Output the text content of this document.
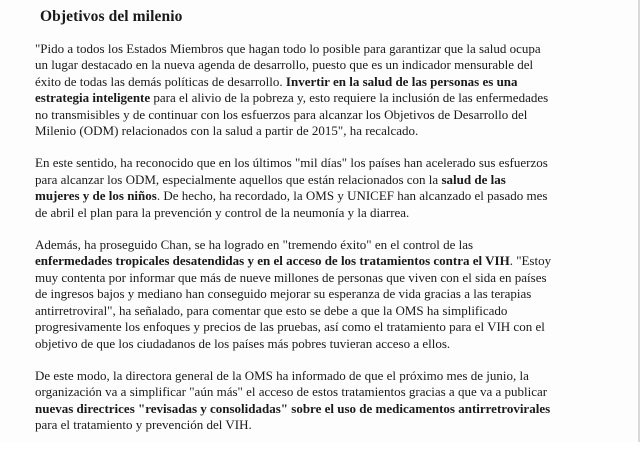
Objetivos del milenio
"Pido a todos los Estados Miembros que hagan todo lo posible para garantizar que la salud ocupa
un lugar destacado en la nueva agenda de desarrollo, puesto que es un indicador mensurable del
éxito de todas las demás políticas de desarrollo. Invertir en la salud de las personas es una
estrategia inteligente para el alivio de la pobreza y, esto requiere la inclusión de las enfermedades
no transmisibles y de continuar con los esfuerzos para alcanzar los Objetivos de Desarrollo del
Milenio (ODM) relacionados con la salud a partir de 2015", ha recalcado.
En este sentido, ha reconocido que en los últimos "mil días" los países han acelerado sus esfuerzos
para alcanzar los ODM, especialmente aquellos que están relacionados con la salud de las
mujeres y de los niños. De hecho, ha recordado, la OMS y UNICEF han alcanzado el pasado mes
de abril el plan para la prevención y control de la neumonía y la diarrea.
Además, ha proseguido Chan, se ha logrado en "tremendo éxito" en el control de las
enfermedades tropicales desatendidas y en el acceso de los tratamientos contra el VIH. "Estoy
muy contenta por informar que más de nueve millones de personas que viven con el sida en países
de ingresos bajos y mediano han conseguido mejorar su esperanza de vida gracias a las terapias
antirretroviral", ha señalado, para comentar que esto se debe a que la OMS ha simplificado
progresivamente los enfoques y precios de las pruebas, así como el tratamiento para el VIH con el
objetivo de que los ciudadanos de los países más pobres tuvieran acceso a ellos.
De este modo, la directora general de la OMS ha informado de que el próximo mes de junio, la
organización va a simplificar "aún más" el acceso de estos tratamientos gracias a que va a publicar
nuevas directrices "revisadas y consolidadas" sobre el uso de medicamentos antirretrovirales
para el tratamiento y prevención del VIH.
